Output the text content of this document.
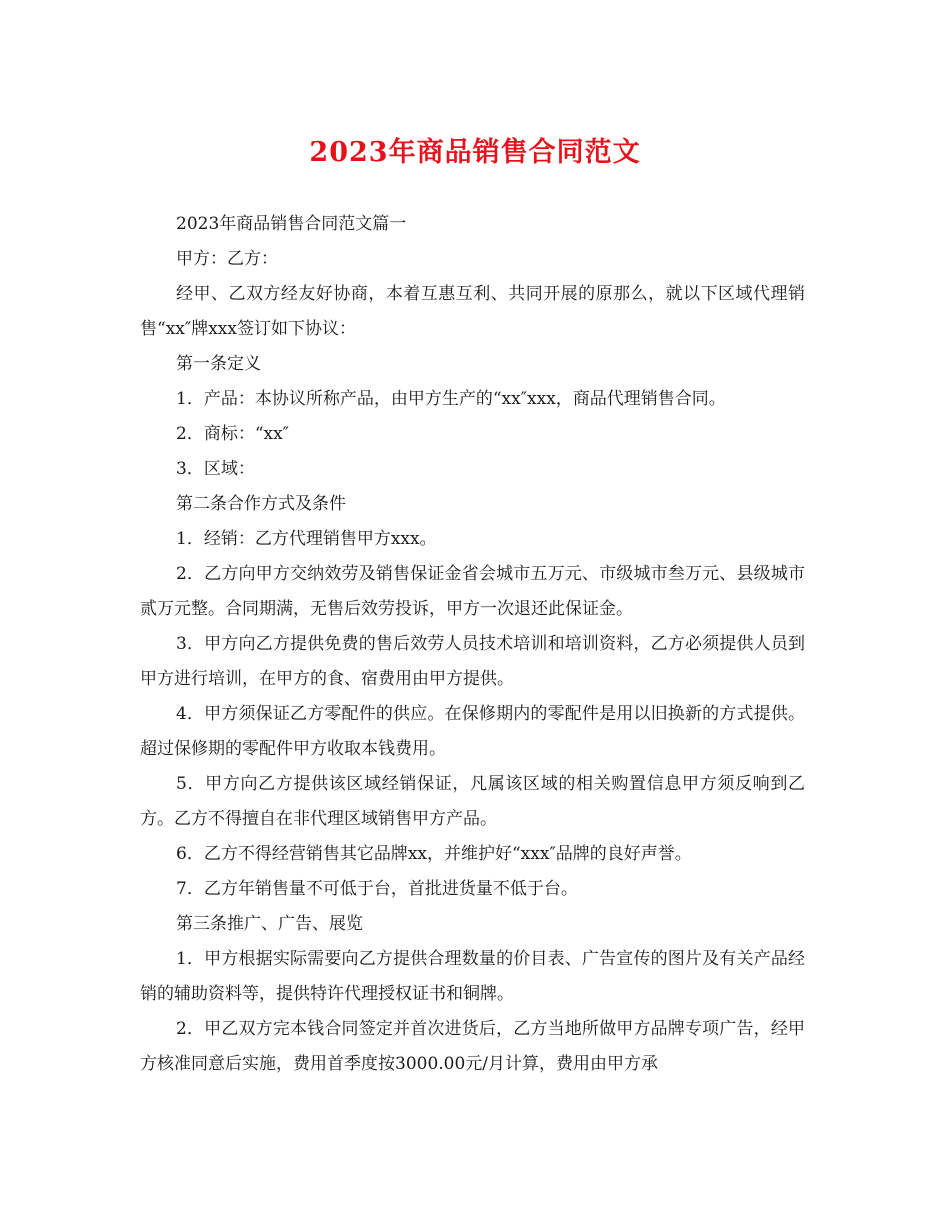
2023年商品销售合同范文

2023年商品销售合同范文篇一

甲方：乙方：

经甲、乙双方经友好协商，本着互惠互利、共同开展的原那么，就以下区域代理销售“xx″牌xxx签订如下协议：

第一条定义

1．产品：本协议所称产品，由甲方生产的“xx″xxx，商品代理销售合同。

2．商标：“xx″

3．区域：

第二条合作方式及条件

1．经销：乙方代理销售甲方xxx。

2．乙方向甲方交纳效劳及销售保证金省会城市五万元、市级城市叁万元、县级城市贰万元整。合同期满，无售后效劳投诉，甲方一次退还此保证金。

3．甲方向乙方提供免费的售后效劳人员技术培训和培训资料，乙方必须提供人员到甲方进行培训，在甲方的食、宿费用由甲方提供。

4．甲方须保证乙方零配件的供应。在保修期内的零配件是用以旧换新的方式提供。超过保修期的零配件甲方收取本钱费用。

5．甲方向乙方提供该区域经销保证，凡属该区域的相关购置信息甲方须反响到乙方。乙方不得擅自在非代理区域销售甲方产品。

6．乙方不得经营销售其它品牌xx，并维护好“xxx″品牌的良好声誉。

7．乙方年销售量不可低于台，首批进货量不低于台。

第三条推广、广告、展览

1．甲方根据实际需要向乙方提供合理数量的价目表、广告宣传的图片及有关产品经销的辅助资料等，提供特许代理授权证书和铜牌。

2．甲乙双方完本钱合同签定并首次进货后，乙方当地所做甲方品牌专项广告，经甲方核准同意后实施，费用首季度按3000.00元/月计算，费用由甲方承
